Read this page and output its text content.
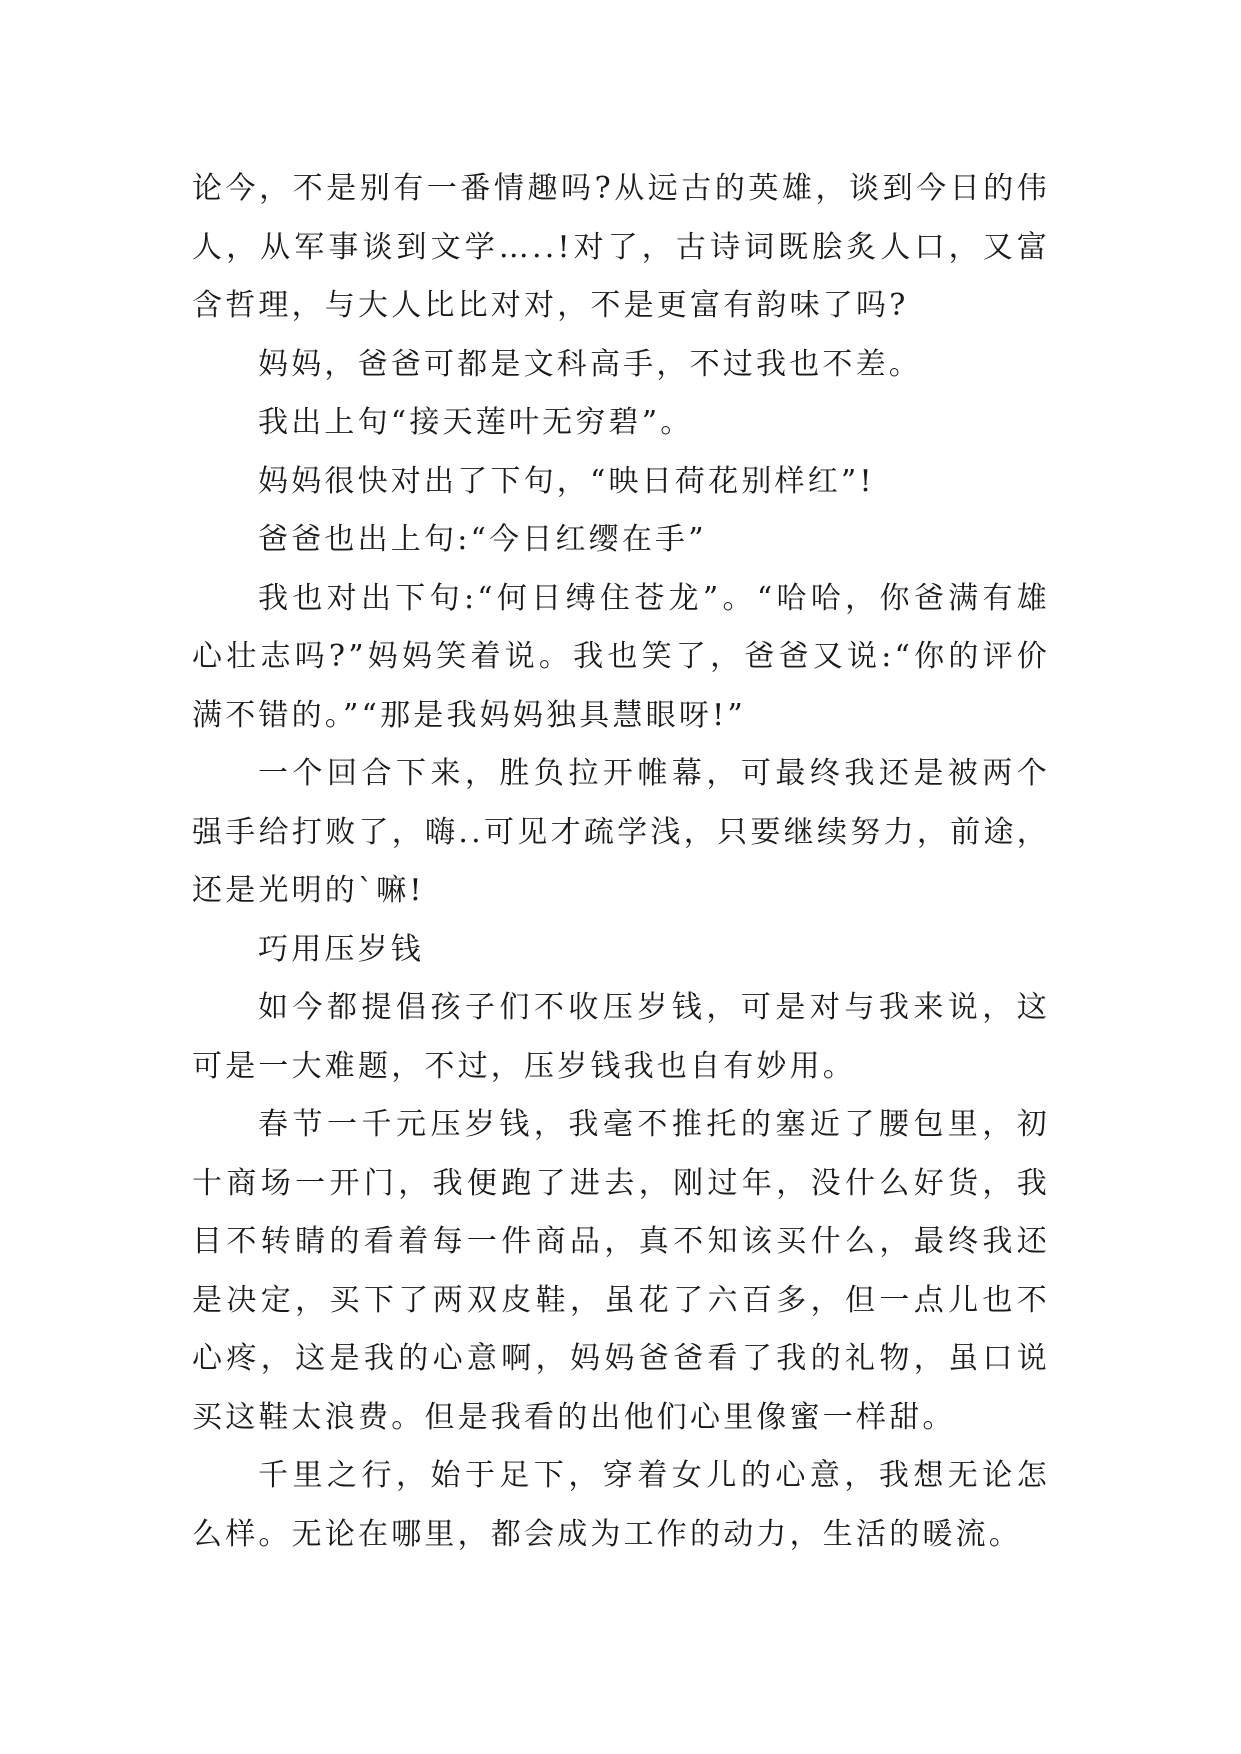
论今，不是别有一番情趣吗?从远古的英雄，谈到今日的伟人，从军事谈到文学…..!对了，古诗词既脍炙人口，又富含哲理，与大人比比对对，不是更富有韵味了吗?

妈妈，爸爸可都是文科高手，不过我也不差。

我出上句“接天莲叶无穷碧”。

妈妈很快对出了下句，“映日荷花别样红”!

爸爸也出上句:“今日红缨在手”

我也对出下句:“何日缚住苍龙”。“哈哈，你爸满有雄心壮志吗?”妈妈笑着说。我也笑了，爸爸又说:“你的评价满不错的。”“那是我妈妈独具慧眼呀!”

一个回合下来，胜负拉开帷幕，可最终我还是被两个强手给打败了，嗨..可见才疏学浅，只要继续努力，前途，还是光明的`嘛!

巧用压岁钱

如今都提倡孩子们不收压岁钱，可是对与我来说，这可是一大难题，不过，压岁钱我也自有妙用。

春节一千元压岁钱，我毫不推托的塞近了腰包里，初十商场一开门，我便跑了进去，刚过年，没什么好货，我目不转睛的看着每一件商品，真不知该买什么，最终我还是决定，买下了两双皮鞋，虽花了六百多，但一点儿也不心疼，这是我的心意啊，妈妈爸爸看了我的礼物，虽口说买这鞋太浪费。但是我看的出他们心里像蜜一样甜。

千里之行，始于足下，穿着女儿的心意，我想无论怎么样。无论在哪里，都会成为工作的动力，生活的暖流。
